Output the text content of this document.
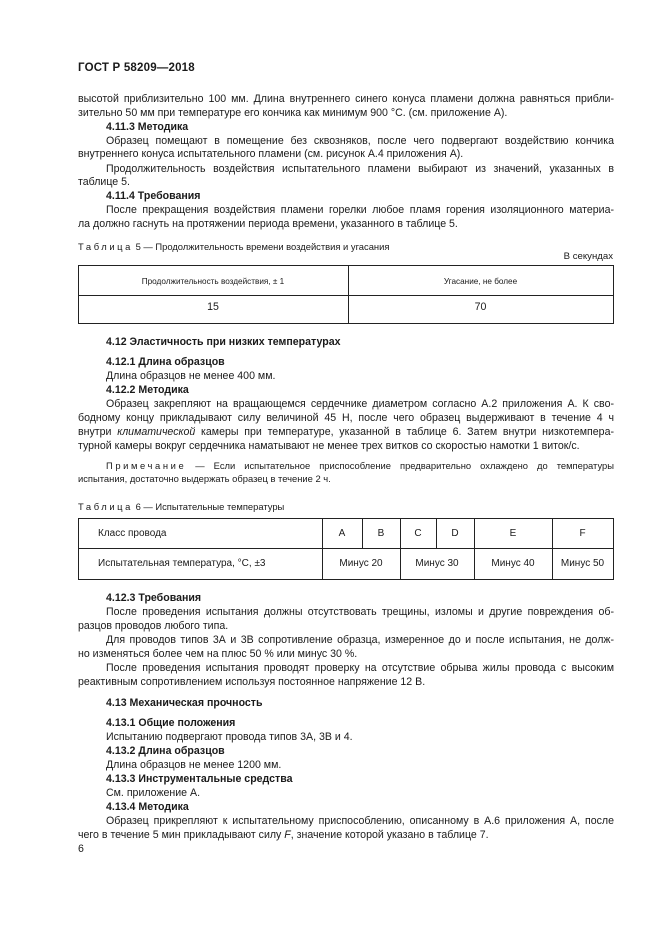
ГОСТ Р 58209—2018
высотой приблизительно 100 мм. Длина внутреннего синего конуса пламени должна равняться прибли-
зительно 50 мм при температуре его кончика как минимум 900 °С. (см. приложение А).
4.11.3 Методика
Образец помещают в помещение без сквозняков, после чего подвергают воздействию кончика
внутреннего конуса испытательного пламени (см. рисунок А.4 приложения А).
Продолжительность воздействия испытательного пламени выбирают из значений, указанных в
таблице 5.
4.11.4 Требования
После прекращения воздействия пламени горелки любое пламя горения изоляционного материа-
ла должно гаснуть на протяжении периода времени, указанного в таблице 5.
Таблица 5 — Продолжительность времени воздействия и угасания
В секундах
Продолжительность воздействия, ± 1	Угасание, не более
15	70
4.12 Эластичность при низких температурах
4.12.1 Длина образцов
Длина образцов не менее 400 мм.
4.12.2 Методика
Образец закрепляют на вращающемся сердечнике диаметром согласно А.2 приложения А. К сво-
бодному концу прикладывают силу величиной 45 Н, после чего образец выдерживают в течение 4 ч
внутри климатической камеры при температуре, указанной в таблице 6. Затем внутри низкотемпера-
турной камеры вокруг сердечника наматывают не менее трех витков со скоростью намотки 1 виток/с.
Примечание — Если испытательное приспособление предварительно охлаждено до температуры
испытания, достаточно выдержать образец в течение 2 ч.
Таблица 6 — Испытательные температуры
Класс провода	A	B	C	D	E	F
Испытательная температура, °С, ±3	Минус 20	Минус 30	Минус 40	Минус 50
4.12.3 Требования
После проведения испытания должны отсутствовать трещины, изломы и другие повреждения об-
разцов проводов любого типа.
Для проводов типов 3А и 3В сопротивление образца, измеренное до и после испытания, не долж-
но изменяться более чем на плюс 50 % или минус 30 %.
После проведения испытания проводят проверку на отсутствие обрыва жилы провода с высоким
реактивным сопротивлением используя постоянное напряжение 12 В.
4.13 Механическая прочность
4.13.1 Общие положения
Испытанию подвергают провода типов 3А, 3В и 4.
4.13.2 Длина образцов
Длина образцов не менее 1200 мм.
4.13.3 Инструментальные средства
См. приложение А.
4.13.4 Методика
Образец прикрепляют к испытательному приспособлению, описанному в А.6 приложения А, после
чего в течение 5 мин прикладывают силу F, значение которой указано в таблице 7.
6
